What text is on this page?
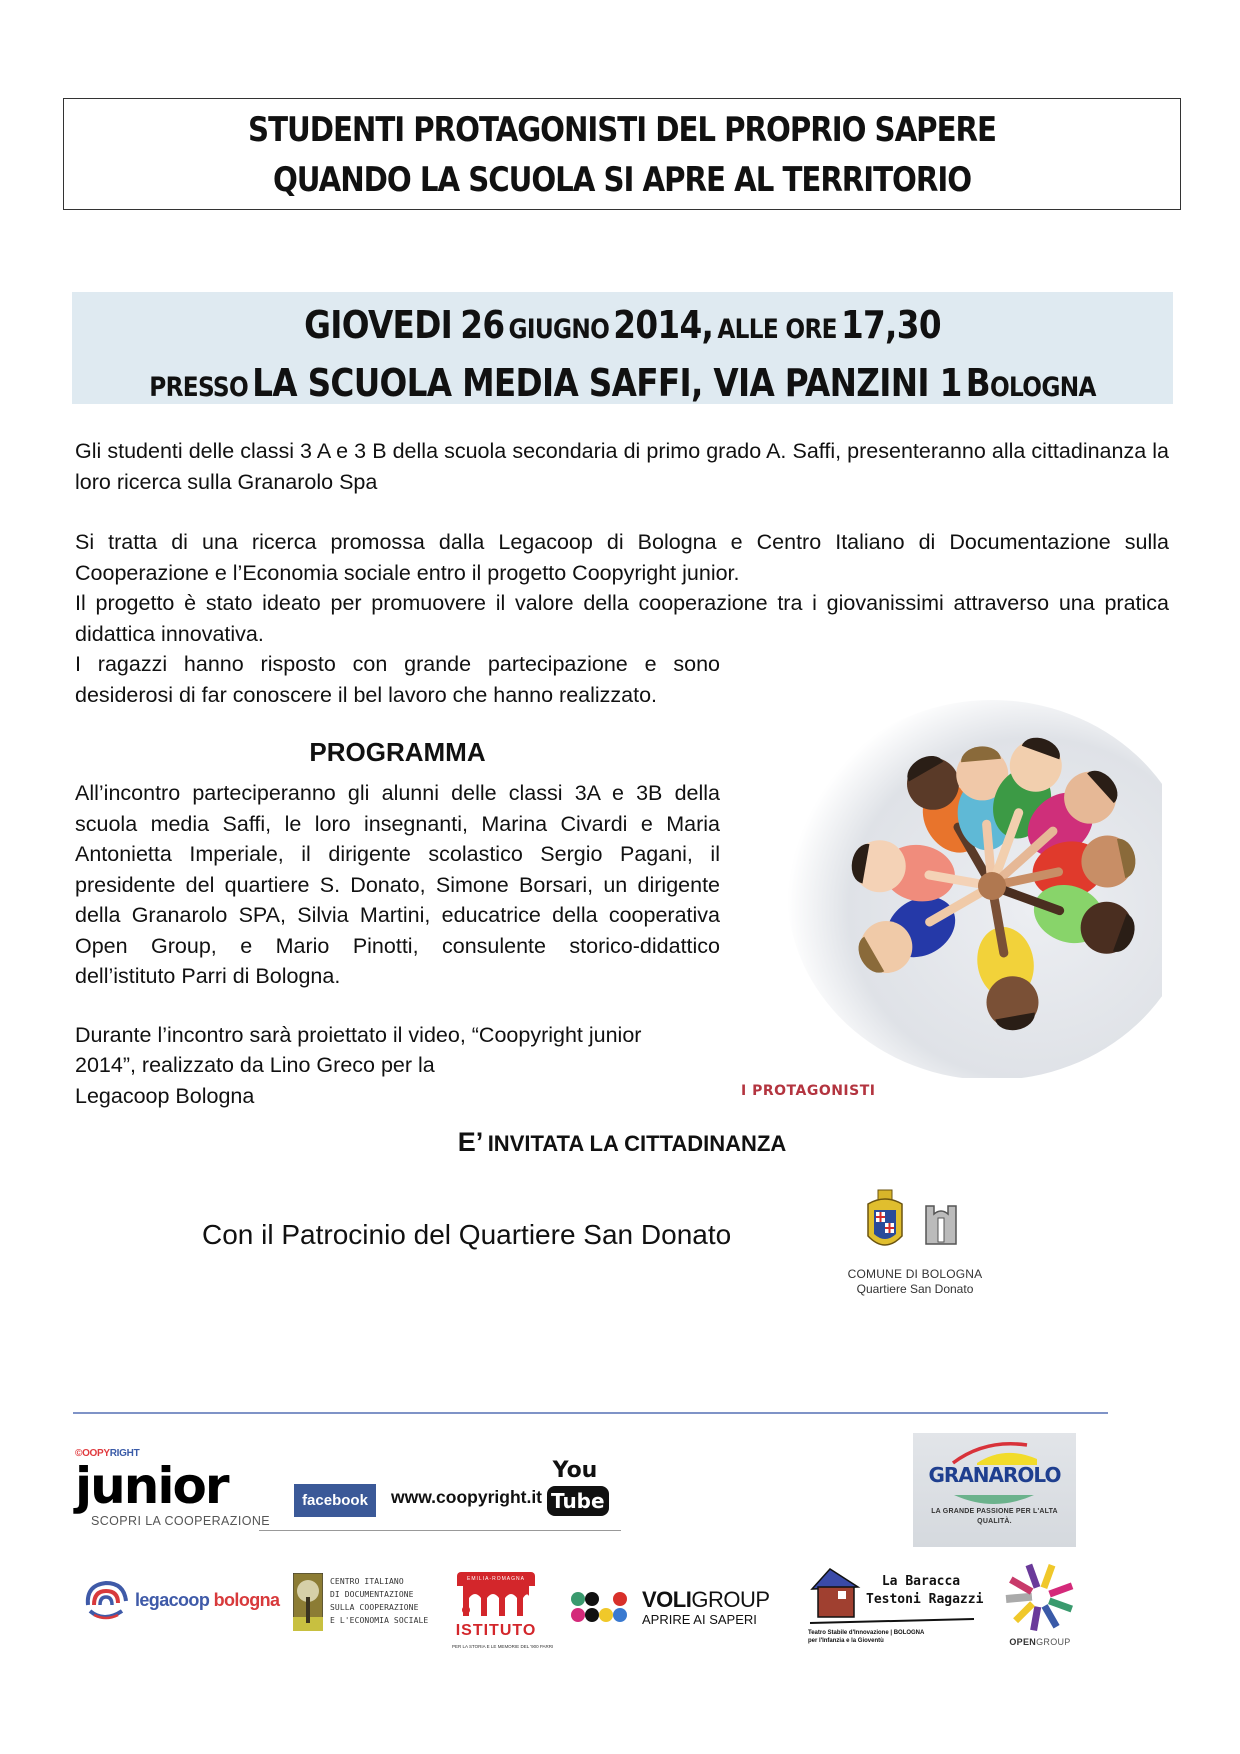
STUDENTI PROTAGONISTI DEL PROPRIO SAPERE
QUANDO LA SCUOLA SI APRE AL TERRITORIO
GIOVEDI 26 GIUGNO 2014, ALLE ORE 17,30
PRESSO LA SCUOLA MEDIA SAFFI, VIA PANZINI 1 BOLOGNA
I PROTAGONISTI

Gli studenti delle classi 3 A e 3 B della scuola secondaria di primo grado A. Saffi, presenteranno alla cittadinanza la loro ricerca sulla Granarolo Spa

Si tratta di una ricerca promossa dalla Legacoop di Bologna e Centro Italiano di Documentazione sulla Cooperazione e l’Economia sociale entro il progetto Coopyright junior.
Il progetto è stato ideato per promuovere il valore della cooperazione tra i giovanissimi attraverso una pratica didattica innovativa.

I ragazzi hanno risposto con grande partecipazione e sono desiderosi di far conoscere il bel lavoro che hanno realizzato.

PROGRAMMA

All’incontro parteciperanno gli alunni delle classi 3A e 3B della scuola media Saffi, le loro insegnanti, Marina Civardi e Maria Antonietta Imperiale, il dirigente scolastico Sergio Pagani, il presidente del quartiere S. Donato, Simone Borsari, un dirigente della Granarolo SPA, Silvia Martini, educatrice della cooperativa Open Group, e Mario Pinotti, consulente storico-didattico dell’istituto Parri di Bologna.

Durante l’incontro sarà proiettato il video, “Coopyright junior
2014”, realizzato da Lino Greco per la
Legacoop Bologna
E’ INVITATA LA CITTADINANZA
Con il Patrocinio del Quartiere San Donato
COMUNE DI BOLOGNA
Quartiere San Donato
©OOPYRIGHT
junior
SCOPRI LA COOPERAZIONE
facebook	www.coopyright.it
You
Tube
GRANAROLO
LA GRANDE PASSIONE PER L'ALTA QUALITÀ.
legacoop bologna
CENTRO ITALIANO
DI DOCUMENTAZIONE
SULLA COOPERAZIONE
E L'ECONOMIA SOCIALE
EMILIA-ROMAGNA
ISTITUTO
PER LA STORIA E LE MEMORIE DEL '900 PARRI
VOLIGROUP
APRIRE AI SAPERI
La Baracca
Testoni Ragazzi
Teatro Stabile d'Innovazione | BOLOGNA
per l'Infanzia e la Gioventù	OPENGROUP
